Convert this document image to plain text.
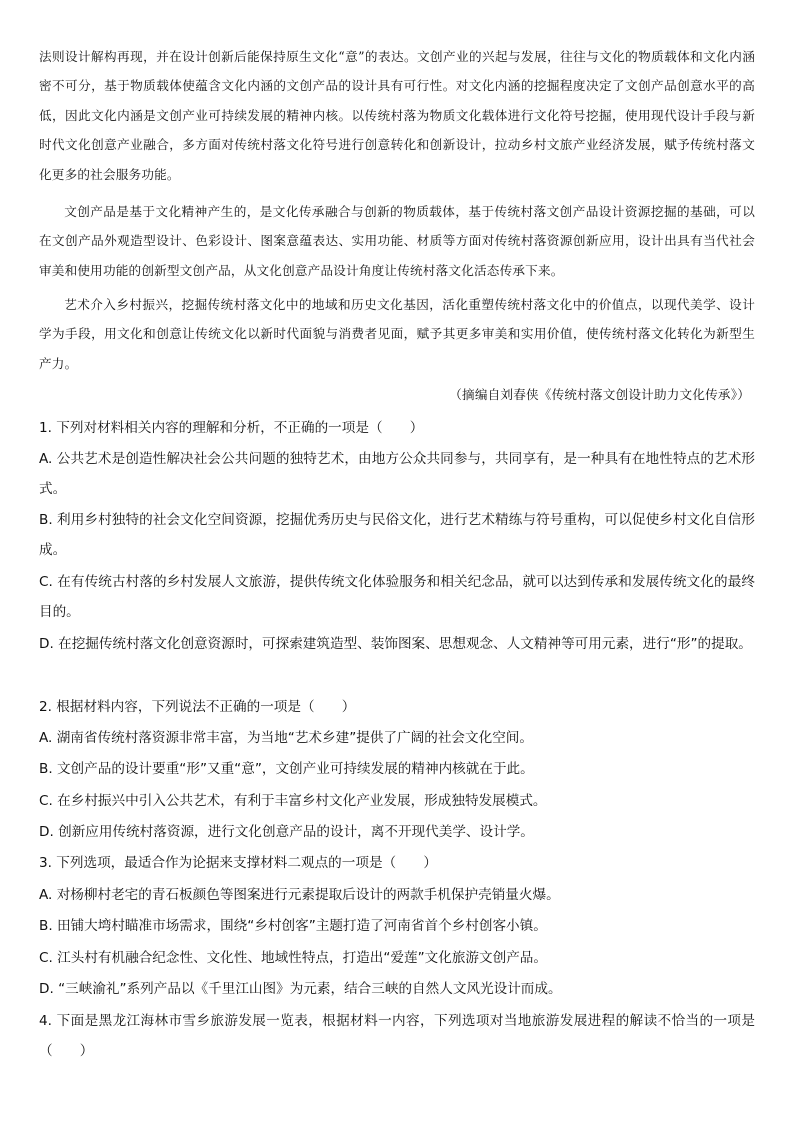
法则设计解构再现，并在设计创新后能保持原生文化“意”的表达。文创产业的兴起与发展，往往与文化的物质载体和文化内涵密不可分，基于物质载体使蕴含文化内涵的文创产品的设计具有可行性。对文化内涵的挖掘程度决定了文创产品创意水平的高低，因此文化内涵是文创产业可持续发展的精神内核。以传统村落为物质文化载体进行文化符号挖掘，使用现代设计手段与新时代文化创意产业融合，多方面对传统村落文化符号进行创意转化和创新设计，拉动乡村文旅产业经济发展，赋予传统村落文化更多的社会服务功能。
文创产品是基于文化精神产生的，是文化传承融合与创新的物质载体，基于传统村落文创产品设计资源挖掘的基础，可以在文创产品外观造型设计、色彩设计、图案意蕴表达、实用功能、材质等方面对传统村落资源创新应用，设计出具有当代社会审美和使用功能的创新型文创产品，从文化创意产品设计角度让传统村落文化活态传承下来。
艺术介入乡村振兴，挖掘传统村落文化中的地域和历史文化基因，活化重塑传统村落文化中的价值点，以现代美学、设计学为手段，用文化和创意让传统文化以新时代面貌与消费者见面，赋予其更多审美和实用价值，使传统村落文化转化为新型生产力。
（摘编自刘春侠《传统村落文创设计助力文化传承》）
1. 下列对材料相关内容的理解和分析，不正确的一项是（　　）
A. 公共艺术是创造性解决社会公共问题的独特艺术，由地方公众共同参与，共同享有，是一种具有在地性特点的艺术形式。
B. 利用乡村独特的社会文化空间资源，挖掘优秀历史与民俗文化，进行艺术精练与符号重构，可以促使乡村文化自信形成。
C. 在有传统古村落的乡村发展人文旅游，提供传统文化体验服务和相关纪念品，就可以达到传承和发展传统文化的最终目的。
D. 在挖掘传统村落文化创意资源时，可探索建筑造型、装饰图案、思想观念、人文精神等可用元素，进行“形”的提取。
2. 根据材料内容，下列说法不正确的一项是（　　）
A. 湖南省传统村落资源非常丰富，为当地“艺术乡建”提供了广阔的社会文化空间。
B. 文创产品的设计要重“形”又重“意”，文创产业可持续发展的精神内核就在于此。
C. 在乡村振兴中引入公共艺术，有利于丰富乡村文化产业发展，形成独特发展模式。
D. 创新应用传统村落资源，进行文化创意产品的设计，离不开现代美学、设计学。
3. 下列选项，最适合作为论据来支撑材料二观点的一项是（　　）
A. 对杨柳村老宅的青石板颜色等图案进行元素提取后设计的两款手机保护壳销量火爆。
B. 田铺大塆村瞄准市场需求，围绕“乡村创客”主题打造了河南省首个乡村创客小镇。
C. 江头村有机融合纪念性、文化性、地域性特点，打造出“爱莲”文化旅游文创产品。
D. “三峡渝礼”系列产品以《千里江山图》为元素，结合三峡的自然人文风光设计而成。
4. 下面是黑龙江海林市雪乡旅游发展一览表，根据材料一内容，下列选项对当地旅游发展进程的解读不恰当的一项是（　　）
